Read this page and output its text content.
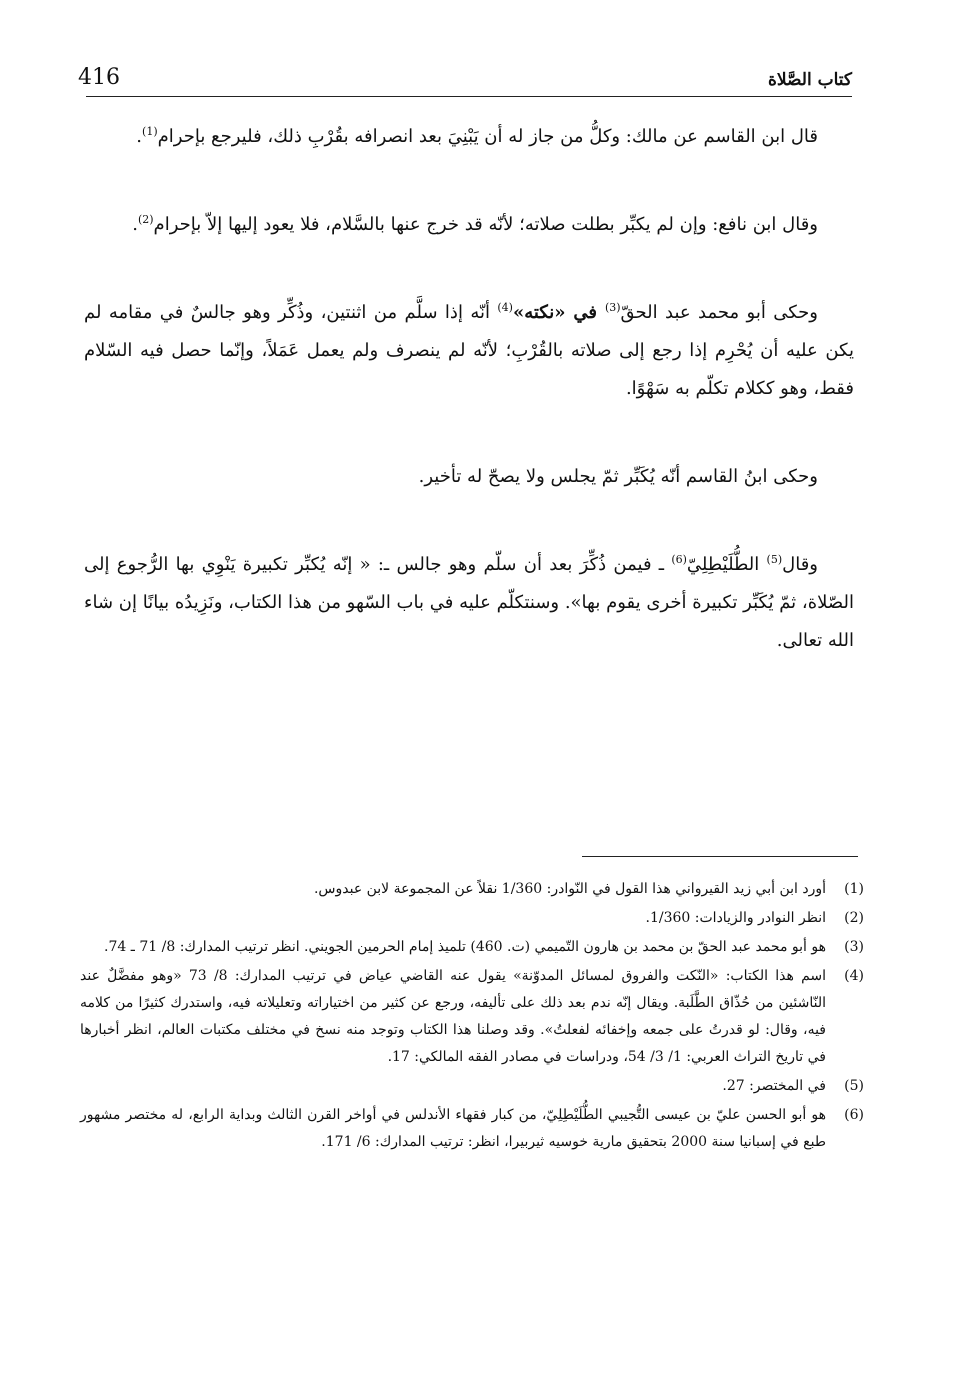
416	كتاب الصَّلاة

قال ابن القاسم عن مالك: وكلُّ من جاز له أن يَبْنِيَ بعد انصرافه بقُرْبِ ذلك، فليرجع بإحرام$^{(1)}$.

وقال ابن نافع: وإن لم يكبِّر بطلت صلاته؛ لأنّه قد خرج عنها بالسَّلام، فلا يعود إليها إلاّ بإحرام$^{(2)}$.

وحكى أبو محمد عبد الحقّ$^{(3)}$ في «نكته»$^{(4)}$ أنّه إذا سلَّم من اثنتين، وذُكِّر وهو جالسٌ في مقامه لم يكن عليه أن يُحْرِم إذا رجع إلى صلاته بالقُرْبِ؛ لأنّه لم ينصرف ولم يعمل عَمَلاً، وإنّما حصل فيه السّلام فقط، وهو ككلام تكلّم به سَهْوًا.

وحكى ابنُ القاسم أنّه يُكَبِّر ثمّ يجلس ولا يصحّ له تأخير.

وقال$^{(5)}$ الطُّلَيْطِلِيّ$^{(6)}$ ـ فيمن ذُكِّرَ بعد أن سلّم وهو جالس ـ: « إنّه يُكبِّر تكبيرة يَنْوِي بها الرُّجوع إلى الصّلاة، ثمّ يُكَبِّر تكبيرة أخرى يقوم بها». وسنتكلّم عليه في باب السّهو من هذا الكتاب، ونَزِيدُه بيانًا إن شاء الله تعالى.

(1)
أورد ابن أبي زيد القيرواني هذا القول في النّوادر: 1/360 نقلاً عن المجموعة لابن عبدوس.
(2)
انظر النوادر والزيادات: 1/360.
(3)
هو أبو محمد عبد الحقّ بن محمد بن هارون التّميمي (ت. 460) تلميذ إمام الحرمين الجويني. انظر ترتيب المدارك: 8/ 71 ـ 74.
(4)
اسم هذا الكتاب: «النّكت والفروق لمسائل المدوّنة» يقول عنه القاضي عياض في ترتيب المدارك: 8/ 73 «وهو مفضَّلٌ عند النّاشئين من حُذّاق الطَّلَبة. ويقال إنّه ندم بعد ذلك على تأليفه، ورجع عن كثير من اختياراته وتعليلاته فيه، واستدرك كثيرًا من كلامه فيه، وقال: لو قدرتُ على جمعه وإخفائه لفعلتُ». وقد وصلنا هذا الكتاب وتوجد منه نسخ في مختلف مكتبات العالم، انظر أخبارها في تاريخ التراث العربي: 1/ 3/ 54، ودراسات في مصادر الفقه المالكي: 17.
(5)
في المختصر: 27.
(6)
هو أبو الحسن عليّ بن عيسى التُّجيبي الطُّلَيْطِلِيّ، من كبار فقهاء الأندلس في أواخر القرن الثالث وبداية الرابع، له مختصر مشهور طبع في إسبانيا سنة 2000 بتحقيق مارية خوسيه ثيربيرا، انظر: ترتيب المدارك: 6/ 171.
